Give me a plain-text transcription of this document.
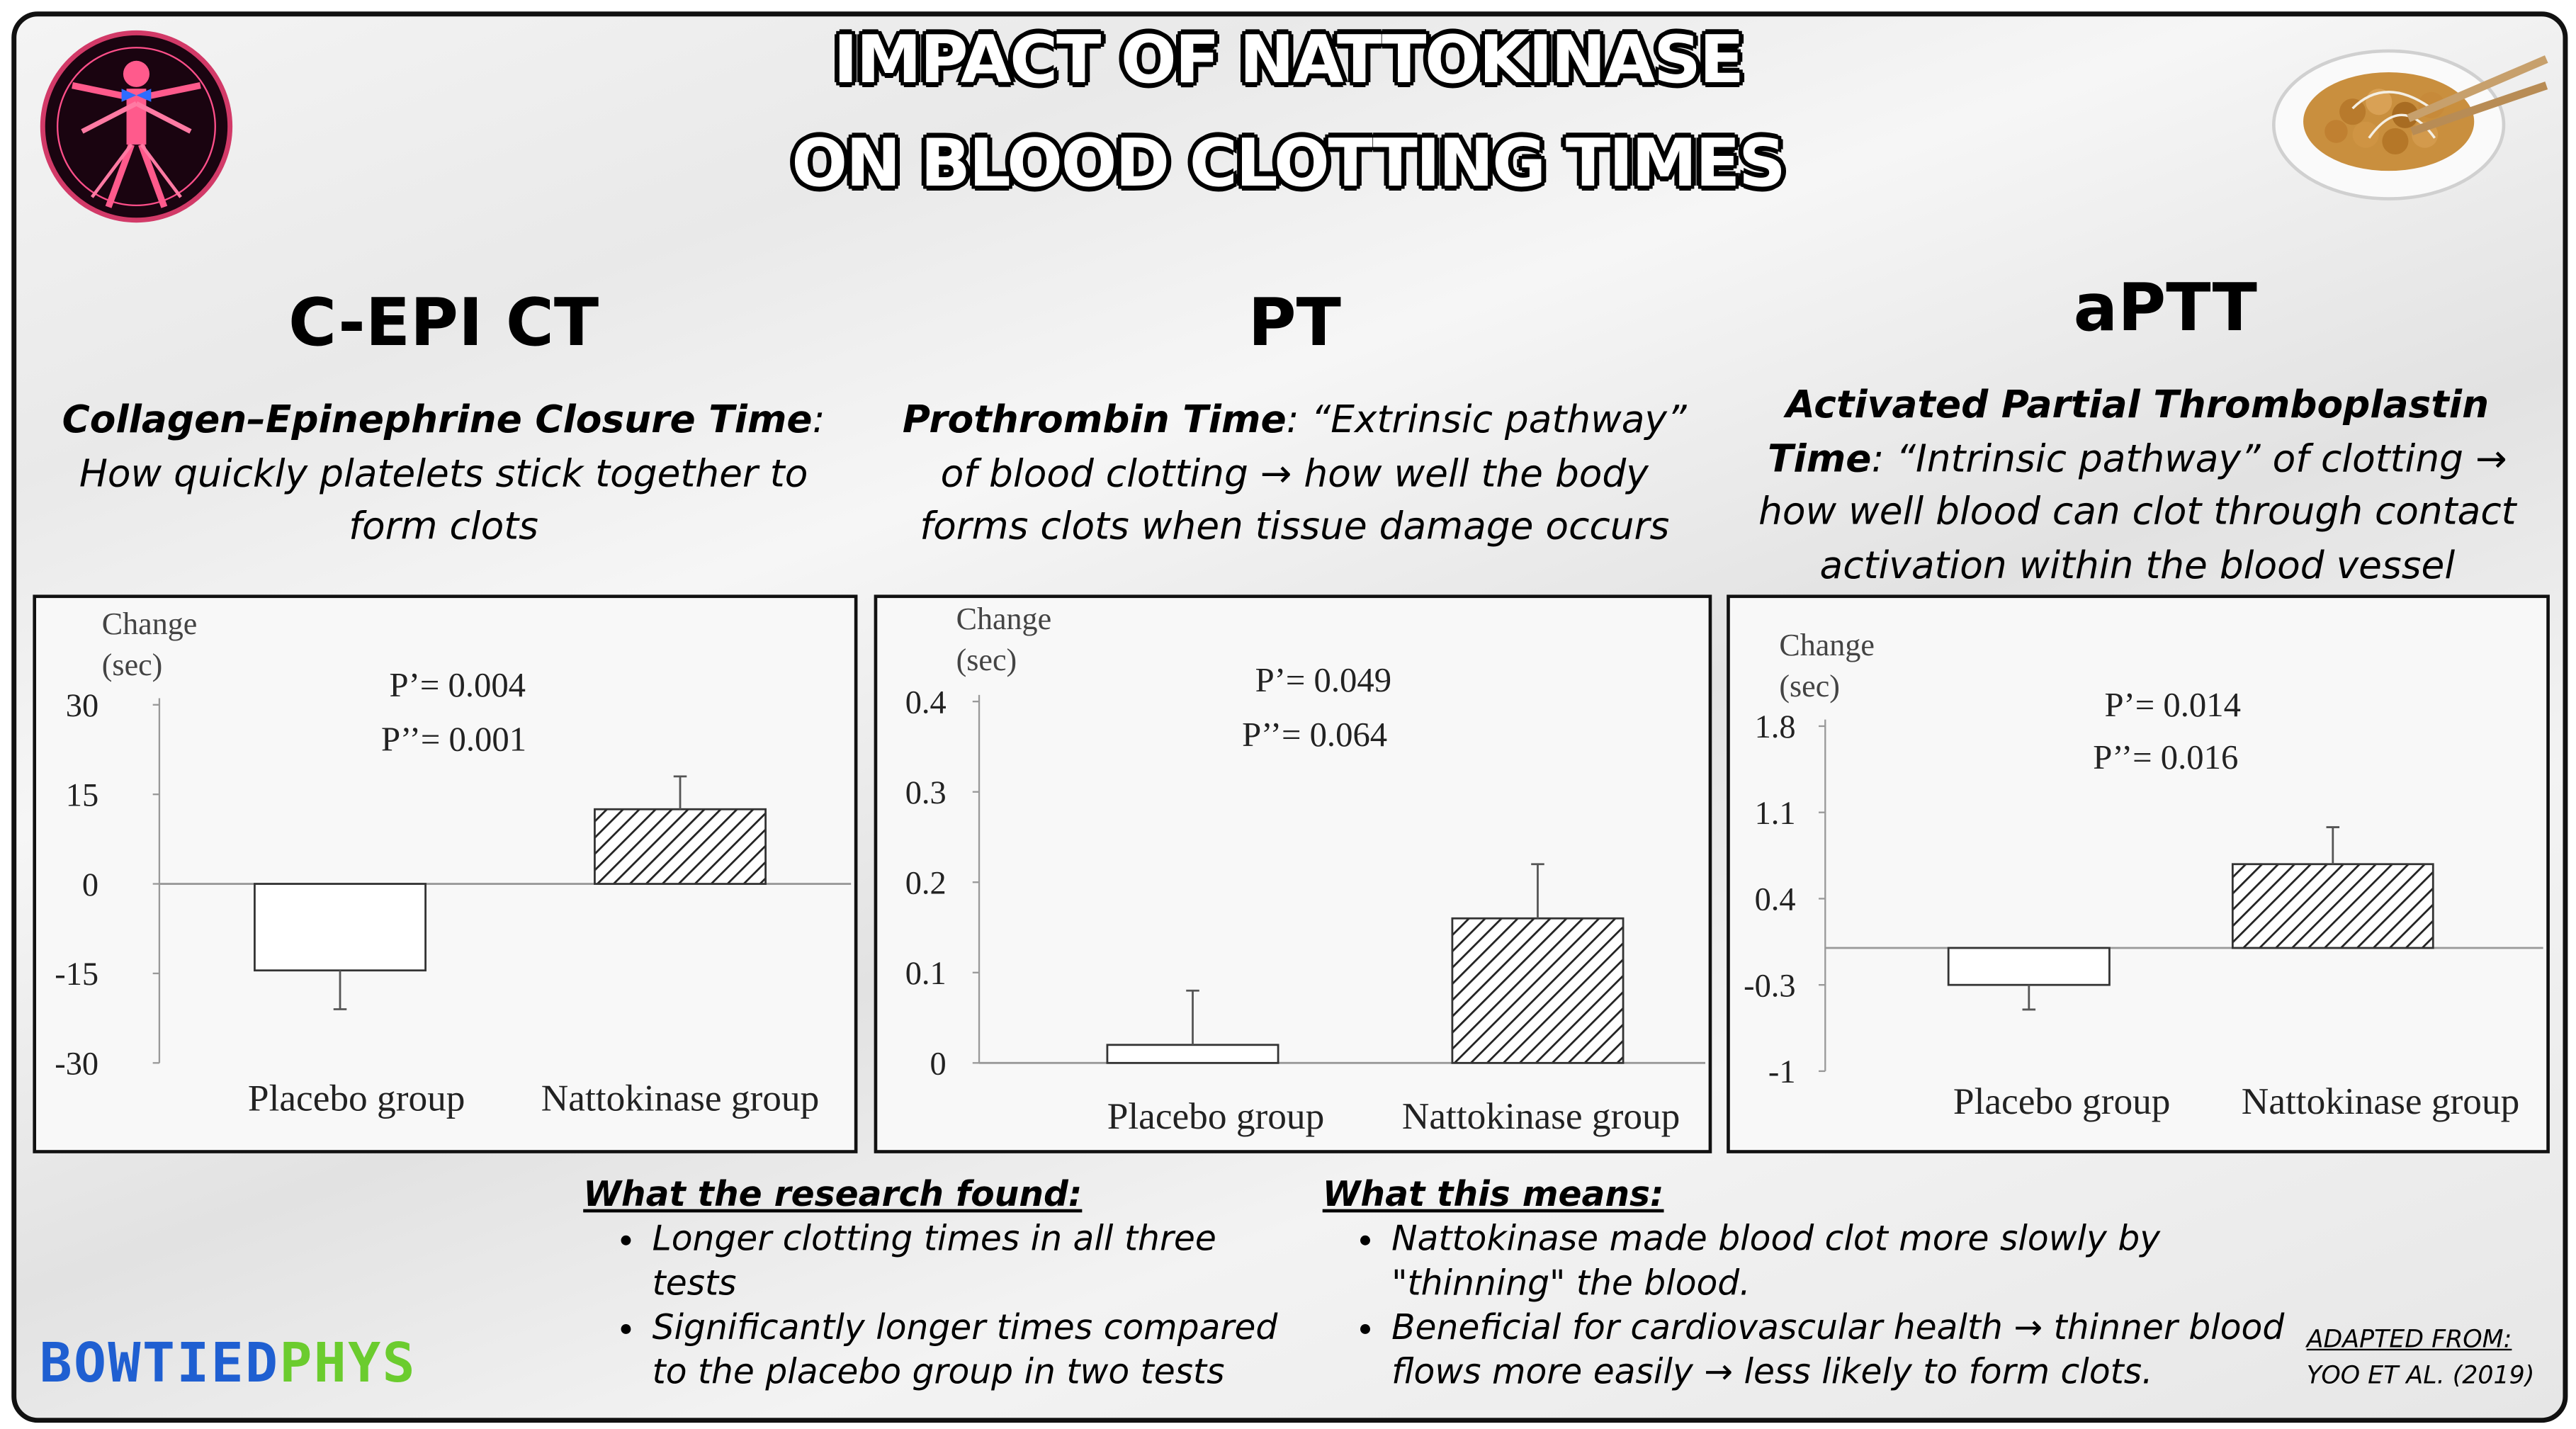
IMPACT OF NATTOKINASE
ON BLOOD CLOTTING TIMES
C-EPI CT	PT	aPTT
Collagen–Epinephrine Closure Time: How quickly platelets stick together to form clots
Prothrombin Time: “Extrinsic pathway” of blood clotting → how well the body forms clots when tissue damage occurs
Activated Partial Thromboplastin Time: “Intrinsic pathway” of clotting → how well blood can clot through contact activation within the blood vessel
Change
(sec)
30
15
0
-15
-30
Placebo group	Nattokinase group
P’= 0.004
P’’= 0.001
Change
(sec)
0.4
0.3
0.2
0.1
0
Placebo group	Nattokinase group
P’= 0.049
P’’= 0.064
Change
(sec)
1.8
1.1
0.4
-0.3
-1
Placebo group	Nattokinase group
P’= 0.014
P’’= 0.016
What the research found:
• Longer clotting times in all three tests
• Significantly longer times compared to the placebo group in two tests
What this means:
• Nattokinase made blood clot more slowly by "thinning" the blood.
• Beneficial for cardiovascular health → thinner blood flows more easily → less likely to form clots.
BOWTIEDPHYS	ADAPTED FROM:
YOO ET AL. (2019)
